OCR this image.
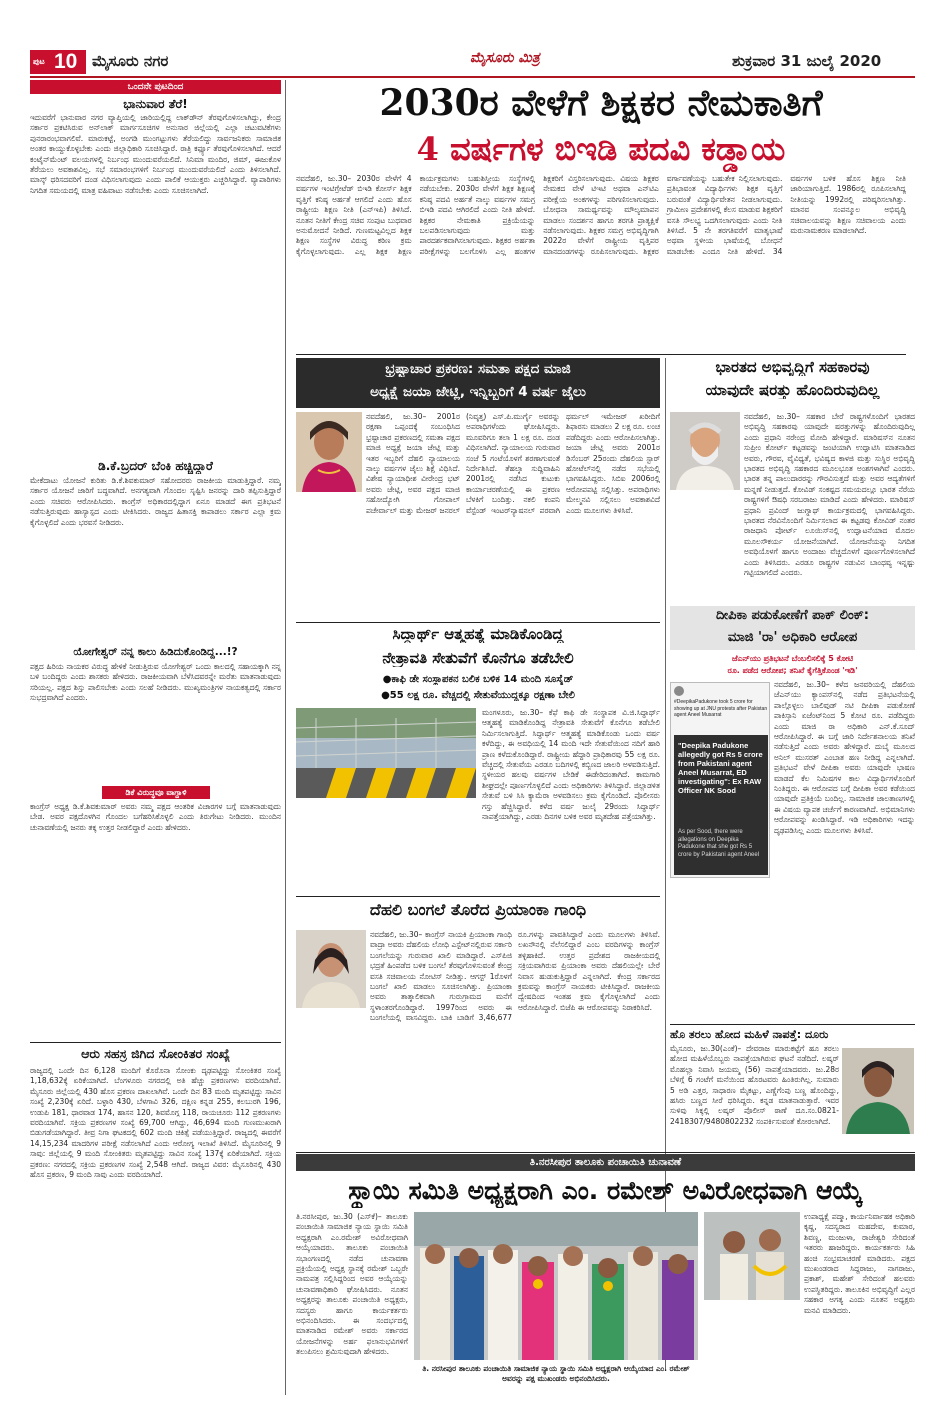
ಪುಟ 10 ಮೈಸೂರು ನಗರ	ಮೈಸೂರು ಮಿತ್ರ	ಶುಕ್ರವಾರ 31 ಜುಲೈ 2020
ಒಂದನೇ ಪುಟದಿಂದ
ಭಾನುವಾರ ತೆರೆ!
ಇದುವರೆಗೆ ಭಾನುವಾರ ನಗರ ವ್ಯಾಪ್ತಿಯಲ್ಲಿ ಜಾರಿಯಲ್ಲಿದ್ದ ಲಾಕ್‌ಡೌನ್ ತೆರವುಗೊಳಿಸಲಾಗಿದ್ದು, ಕೇಂದ್ರ ಸರ್ಕಾರ ಪ್ರಕಟಿಸಿರುವ ಅನ್‌ಲಾಕ್ ಮಾರ್ಗಸೂಚಿಗಳ ಅನುಸಾರ ಜಿಲ್ಲೆಯಲ್ಲಿ ಎಲ್ಲಾ ಚಟುವಟಿಕೆಗಳು ಪುನರಾರಂಭವಾಗಲಿವೆ. ಮಾರುಕಟ್ಟೆ, ಅಂಗಡಿ ಮುಂಗಟ್ಟುಗಳು ತೆರೆಯಲಿದ್ದು ಸಾರ್ವಜನಿಕರು ಸಾಮಾಜಿಕ ಅಂತರ ಕಾಯ್ದುಕೊಳ್ಳಬೇಕು ಎಂದು ಜಿಲ್ಲಾಧಿಕಾರಿ ಸೂಚಿಸಿದ್ದಾರೆ. ರಾತ್ರಿ ಕರ್ಫ್ಯೂ ತೆರವುಗೊಳಿಸಲಾಗಿದೆ. ಆದರೆ ಕಂಟೈನ್‌ಮೆಂಟ್ ವಲಯಗಳಲ್ಲಿ ನಿರ್ಬಂಧ ಮುಂದುವರೆಯಲಿದೆ. ಸಿನಿಮಾ ಮಂದಿರ, ಜಿಮ್, ಈಜುಕೊಳ ತೆರೆಯಲು ಅವಕಾಶವಿಲ್ಲ. ಸಭೆ ಸಮಾರಂಭಗಳಿಗೆ ನಿರ್ಬಂಧ ಮುಂದುವರೆಯಲಿದೆ ಎಂದು ತಿಳಿಸಲಾಗಿದೆ. ಮಾಸ್ಕ್ ಧರಿಸದವರಿಗೆ ದಂಡ ವಿಧಿಸಲಾಗುವುದು ಎಂದು ಪಾಲಿಕೆ ಆಯುಕ್ತರು ಎಚ್ಚರಿಸಿದ್ದಾರೆ. ವ್ಯಾಪಾರಿಗಳು ನಿಗದಿತ ಸಮಯದಲ್ಲಿ ಮಾತ್ರ ವಹಿವಾಟು ನಡೆಸಬೇಕು ಎಂದು ಸೂಚಿಸಲಾಗಿದೆ.
ಡಿ.ಕೆ.ಬ್ರದರ್ ಬೆಂಕಿ ಹಚ್ಚಿದ್ದಾರೆ
ಮೇಕೆದಾಟು ಯೋಜನೆ ಕುರಿತು ಡಿ.ಕೆ.ಶಿವಕುಮಾರ್ ಸಹೋದರರು ರಾಜಕೀಯ ಮಾಡುತ್ತಿದ್ದಾರೆ. ನಮ್ಮ ಸರ್ಕಾರ ಯೋಜನೆ ಜಾರಿಗೆ ಬದ್ಧವಾಗಿದೆ. ಅನಗತ್ಯವಾಗಿ ಗೊಂದಲ ಸೃಷ್ಟಿಸಿ ಜನರನ್ನು ದಾರಿ ತಪ್ಪಿಸುತ್ತಿದ್ದಾರೆ ಎಂದು ಸಚಿವರು ಆರೋಪಿಸಿದರು. ಕಾಂಗ್ರೆಸ್ ಅಧಿಕಾರದಲ್ಲಿದ್ದಾಗ ಏನೂ ಮಾಡದೆ ಈಗ ಪ್ರತಿಭಟನೆ ನಡೆಸುತ್ತಿರುವುದು ಹಾಸ್ಯಾಸ್ಪದ ಎಂದು ಟೀಕಿಸಿದರು. ರಾಜ್ಯದ ಹಿತಾಸಕ್ತಿ ಕಾಪಾಡಲು ಸರ್ಕಾರ ಎಲ್ಲಾ ಕ್ರಮ ಕೈಗೊಳ್ಳಲಿದೆ ಎಂದು ಭರವಸೆ ನೀಡಿದರು.
ಯೋಗೇಶ್ವರ್ ನನ್ನ ಕಾಲು ಹಿಡಿದುಕೊಂಡಿದ್ದ...!?
ಪಕ್ಷದ ಹಿರಿಯ ನಾಯಕರ ವಿರುದ್ಧ ಹೇಳಿಕೆ ನೀಡುತ್ತಿರುವ ಯೋಗೇಶ್ವರ್ ಒಂದು ಕಾಲದಲ್ಲಿ ಸಹಾಯಕ್ಕಾಗಿ ನನ್ನ ಬಳಿ ಬಂದಿದ್ದರು ಎಂದು ಶಾಸಕರು ಹೇಳಿದರು. ರಾಜಕೀಯವಾಗಿ ಬೆಳೆಸಿದವರನ್ನೇ ಮರೆತು ಮಾತನಾಡುವುದು ಸರಿಯಲ್ಲ. ಪಕ್ಷದ ಶಿಸ್ತು ಪಾಲಿಸಬೇಕು ಎಂದು ಸಲಹೆ ನೀಡಿದರು. ಮುಖ್ಯಮಂತ್ರಿಗಳ ನಾಯಕತ್ವದಲ್ಲಿ ಸರ್ಕಾರ ಸುಭದ್ರವಾಗಿದೆ ಎಂದರು.
ಡಿಕೆ ವಿರುದ್ಧವೂ ವಾಗ್ದಾಳಿ
ಕಾಂಗ್ರೆಸ್ ಅಧ್ಯಕ್ಷ ಡಿ.ಕೆ.ಶಿವಕುಮಾರ್ ಅವರು ನಮ್ಮ ಪಕ್ಷದ ಆಂತರಿಕ ವಿಚಾರಗಳ ಬಗ್ಗೆ ಮಾತನಾಡುವುದು ಬೇಡ. ಅವರ ಪಕ್ಷದೊಳಗಿನ ಗೊಂದಲ ಬಗೆಹರಿಸಿಕೊಳ್ಳಲಿ ಎಂದು ತಿರುಗೇಟು ನೀಡಿದರು. ಮುಂದಿನ ಚುನಾವಣೆಯಲ್ಲಿ ಜನರು ತಕ್ಕ ಉತ್ತರ ನೀಡಲಿದ್ದಾರೆ ಎಂದು ಹೇಳಿದರು.
ಆರು ಸಹಸ್ರ ಜಿಗಿದ ಸೋಂಕಿತರ ಸಂಖ್ಯೆ
ರಾಜ್ಯದಲ್ಲಿ ಒಂದೇ ದಿನ 6,128 ಮಂದಿಗೆ ಕೊರೊನಾ ಸೋಂಕು ದೃಢಪಟ್ಟಿದ್ದು ಸೋಂಕಿತರ ಸಂಖ್ಯೆ 1,18,632ಕ್ಕೆ ಏರಿಕೆಯಾಗಿದೆ. ಬೆಂಗಳೂರು ನಗರದಲ್ಲಿ ಅತಿ ಹೆಚ್ಚು ಪ್ರಕರಣಗಳು ವರದಿಯಾಗಿವೆ. ಮೈಸೂರು ಜಿಲ್ಲೆಯಲ್ಲಿ 430 ಹೊಸ ಪ್ರಕರಣ ದಾಖಲಾಗಿವೆ. ಒಂದೇ ದಿನ 83 ಮಂದಿ ಮೃತಪಟ್ಟಿದ್ದು ಸಾವಿನ ಸಂಖ್ಯೆ 2,230ಕ್ಕೆ ಏರಿದೆ. ಬಳ್ಳಾರಿ 430, ಬೆಳಗಾವಿ 326, ದಕ್ಷಿಣ ಕನ್ನಡ 255, ಕಲಬುರಗಿ 196, ಉಡುಪಿ 181, ಧಾರವಾಡ 174, ಹಾಸನ 120, ಶಿವಮೊಗ್ಗ 118, ರಾಯಚೂರು 112 ಪ್ರಕರಣಗಳು ವರದಿಯಾಗಿವೆ. ಸಕ್ರಿಯ ಪ್ರಕರಣಗಳ ಸಂಖ್ಯೆ 69,700 ಆಗಿದ್ದು, 46,694 ಮಂದಿ ಗುಣಮುಖರಾಗಿ ಬಿಡುಗಡೆಯಾಗಿದ್ದಾರೆ. ತೀವ್ರ ನಿಗಾ ಘಟಕದಲ್ಲಿ 602 ಮಂದಿ ಚಿಕಿತ್ಸೆ ಪಡೆಯುತ್ತಿದ್ದಾರೆ. ರಾಜ್ಯದಲ್ಲಿ ಈವರೆಗೆ 14,15,234 ಮಾದರಿಗಳ ಪರೀಕ್ಷೆ ನಡೆಸಲಾಗಿದೆ ಎಂದು ಆರೋಗ್ಯ ಇಲಾಖೆ ತಿಳಿಸಿದೆ. ಮೈಸೂರಿನಲ್ಲಿ 9 ಸಾವು: ಜಿಲ್ಲೆಯಲ್ಲಿ 9 ಮಂದಿ ಸೋಂಕಿತರು ಮೃತಪಟ್ಟಿದ್ದು ಸಾವಿನ ಸಂಖ್ಯೆ 137ಕ್ಕೆ ಏರಿಕೆಯಾಗಿದೆ. ಸಕ್ರಿಯ ಪ್ರಕರಣ: ನಗರದಲ್ಲಿ ಸಕ್ರಿಯ ಪ್ರಕರಣಗಳ ಸಂಖ್ಯೆ 2,548 ಆಗಿದೆ. ರಾಜ್ಯದ ವಿವರ: ಮೈಸೂರಿನಲ್ಲಿ 430 ಹೊಸ ಪ್ರಕರಣ, 9 ಮಂದಿ ಸಾವು ಎಂದು ವರದಿಯಾಗಿದೆ.
2030ರ ವೇಳೆಗೆ ಶಿಕ್ಷಕರ ನೇಮಕಾತಿಗೆ
4 ವರ್ಷಗಳ ಬಿಇಡಿ ಪದವಿ ಕಡ್ಡಾಯ
ನವದೆಹಲಿ, ಜು.30– 2030ರ ವೇಳೆಗೆ 4 ವರ್ಷಗಳ ಇಂಟಿಗ್ರೇಟೆಡ್ ಬಿಇಡಿ ಕೋರ್ಸ್ ಶಿಕ್ಷಕ ವೃತ್ತಿಗೆ ಕನಿಷ್ಠ ಅರ್ಹತೆ ಆಗಲಿದೆ ಎಂದು ಹೊಸ ರಾಷ್ಟ್ರೀಯ ಶಿಕ್ಷಣ ನೀತಿ (ಎನ್‌ಇಪಿ) ತಿಳಿಸಿದೆ. ನೂತನ ನೀತಿಗೆ ಕೇಂದ್ರ ಸಚಿವ ಸಂಪುಟ ಬುಧವಾರ ಅನುಮೋದನೆ ನೀಡಿದೆ. ಗುಣಮಟ್ಟವಿಲ್ಲದ ಶಿಕ್ಷಕ ಶಿಕ್ಷಣ ಸಂಸ್ಥೆಗಳ ವಿರುದ್ಧ ಕಠಿಣ ಕ್ರಮ ಕೈಗೊಳ್ಳಲಾಗುವುದು. ಎಲ್ಲ ಶಿಕ್ಷಕ ಶಿಕ್ಷಣ ಕಾರ್ಯಕ್ರಮಗಳು ಬಹುಶಿಸ್ತೀಯ ಸಂಸ್ಥೆಗಳಲ್ಲಿ ನಡೆಯಬೇಕು. 2030ರ ವೇಳೆಗೆ ಶಿಕ್ಷಕ ಶಿಕ್ಷಣಕ್ಕೆ ಕನಿಷ್ಠ ಪದವಿ ಅರ್ಹತೆ ನಾಲ್ಕು ವರ್ಷಗಳ ಸಮಗ್ರ ಬಿಇಡಿ ಪದವಿ ಆಗಿರಲಿದೆ ಎಂದು ನೀತಿ ಹೇಳಿದೆ. ಶಿಕ್ಷಕರ ನೇಮಕಾತಿ ಪ್ರಕ್ರಿಯೆಯನ್ನು ಬಲಪಡಿಸಲಾಗುವುದು ಮತ್ತು ಪಾರದರ್ಶಕವಾಗಿಸಲಾಗುವುದು. ಶಿಕ್ಷಕರ ಅರ್ಹತಾ ಪರೀಕ್ಷೆಗಳನ್ನು ಬಲಗೊಳಿಸಿ ಎಲ್ಲ ಹಂತಗಳ ಶಿಕ್ಷಕರಿಗೆ ವಿಸ್ತರಿಸಲಾಗುವುದು. ವಿಷಯ ಶಿಕ್ಷಕರ ನೇಮಕದ ವೇಳೆ ಟಿಇಟಿ ಅಥವಾ ಎನ್‌ಟಿಎ ಪರೀಕ್ಷೆಯ ಅಂಕಗಳನ್ನು ಪರಿಗಣಿಸಲಾಗುವುದು. ಬೋಧನಾ ಸಾಮರ್ಥ್ಯವನ್ನು ಮೌಲ್ಯಮಾಪನ ಮಾಡಲು ಸಂದರ್ಶನ ಹಾಗೂ ತರಗತಿ ಪ್ರಾತ್ಯಕ್ಷಿಕೆ ನಡೆಸಲಾಗುವುದು. ಶಿಕ್ಷಕರ ಸಮಗ್ರ ಅಭಿವೃದ್ಧಿಗಾಗಿ 2022ರ ವೇಳೆಗೆ ರಾಷ್ಟ್ರೀಯ ವೃತ್ತಿಪರ ಮಾನದಂಡಗಳನ್ನು ರೂಪಿಸಲಾಗುವುದು. ಶಿಕ್ಷಕರ ವರ್ಗಾವಣೆಯನ್ನು ಬಹುತೇಕ ನಿಲ್ಲಿಸಲಾಗುವುದು. ಪ್ರತಿಭಾವಂತ ವಿದ್ಯಾರ್ಥಿಗಳು ಶಿಕ್ಷಕ ವೃತ್ತಿಗೆ ಬರುವಂತೆ ವಿದ್ಯಾರ್ಥಿವೇತನ ನೀಡಲಾಗುವುದು. ಗ್ರಾಮೀಣ ಪ್ರದೇಶಗಳಲ್ಲಿ ಕೆಲಸ ಮಾಡುವ ಶಿಕ್ಷಕರಿಗೆ ವಸತಿ ಸೌಲಭ್ಯ ಒದಗಿಸಲಾಗುವುದು ಎಂದು ನೀತಿ ತಿಳಿಸಿದೆ. 5 ನೇ ತರಗತಿವರೆಗೆ ಮಾತೃಭಾಷೆ ಅಥವಾ ಸ್ಥಳೀಯ ಭಾಷೆಯಲ್ಲಿ ಬೋಧನೆ ಮಾಡಬೇಕು ಎಂದೂ ನೀತಿ ಹೇಳಿದೆ. 34 ವರ್ಷಗಳ ಬಳಿಕ ಹೊಸ ಶಿಕ್ಷಣ ನೀತಿ ಜಾರಿಯಾಗುತ್ತಿದೆ. 1986ರಲ್ಲಿ ರೂಪಿಸಲಾಗಿದ್ದ ನೀತಿಯನ್ನು 1992ರಲ್ಲಿ ಪರಿಷ್ಕರಿಸಲಾಗಿತ್ತು. ಮಾನವ ಸಂಪನ್ಮೂಲ ಅಭಿವೃದ್ಧಿ ಸಚಿವಾಲಯವನ್ನು ಶಿಕ್ಷಣ ಸಚಿವಾಲಯ ಎಂದು ಮರುನಾಮಕರಣ ಮಾಡಲಾಗಿದೆ.
ಭ್ರಷ್ಟಾಚಾರ ಪ್ರಕರಣ: ಸಮತಾ ಪಕ್ಷದ ಮಾಜಿ
ಅಧ್ಯಕ್ಷೆ ಜಯಾ ಜೇಟ್ಲಿ, ಇನ್ನಿಬ್ಬರಿಗೆ 4 ವರ್ಷ ಜೈಲು
ನವದೆಹಲಿ, ಜು.30– 2001ರ ರಕ್ಷಣಾ ಒಪ್ಪಂದಕ್ಕೆ ಸಂಬಂಧಿಸಿದ ಭ್ರಷ್ಟಾಚಾರ ಪ್ರಕರಣದಲ್ಲಿ ಸಮತಾ ಪಕ್ಷದ ಮಾಜಿ ಅಧ್ಯಕ್ಷೆ ಜಯಾ ಜೇಟ್ಲಿ ಮತ್ತು ಇತರ ಇಬ್ಬರಿಗೆ ದೆಹಲಿ ನ್ಯಾಯಾಲಯ ನಾಲ್ಕು ವರ್ಷಗಳ ಜೈಲು ಶಿಕ್ಷೆ ವಿಧಿಸಿದೆ. ವಿಶೇಷ ನ್ಯಾಯಾಧೀಶ ವೀರೇಂದ್ರ ಭಟ್ ಅವರು ಜೇಟ್ಲಿ, ಅವರ ಪಕ್ಷದ ಮಾಜಿ ಸಹೋದ್ಯೋಗಿ ಗೋಪಾಲ್ ಪಚೇರ್ವಾಲ್ ಮತ್ತು ಮೇಜರ್ ಜನರಲ್ (ನಿವೃತ್ತ) ಎಸ್.ಪಿ.ಮುರ್ಗೈ ಅವರನ್ನು ಅಪರಾಧಿಗಳೆಂದು ಘೋಷಿಸಿದ್ದರು. ಮೂವರಿಗೂ ತಲಾ 1 ಲಕ್ಷ ರೂ. ದಂಡ ವಿಧಿಸಲಾಗಿದೆ. ನ್ಯಾಯಾಲಯ ಗುರುವಾರ ಸಂಜೆ 5 ಗಂಟೆಯೊಳಗೆ ಶರಣಾಗುವಂತೆ ನಿರ್ದೇಶಿಸಿದೆ. ತೆಹಲ್ಕಾ ಸುದ್ದಿವಾಹಿನಿ 2001ರಲ್ಲಿ ನಡೆಸಿದ ಕುಟುಕು ಕಾರ್ಯಾಚರಣೆಯಲ್ಲಿ ಈ ಪ್ರಕರಣ ಬೆಳಕಿಗೆ ಬಂದಿತ್ತು. ನಕಲಿ ಕಂಪನಿ ವೆಸ್ಟೆಂಡ್ ಇಂಟರ್‌ನ್ಯಾಷನಲ್ ಪರವಾಗಿ ಥರ್ಮಲ್ ಇಮೇಜರ್ ಖರೀದಿಗೆ ಶಿಫಾರಸು ಮಾಡಲು 2 ಲಕ್ಷ ರೂ. ಲಂಚ ಪಡೆದಿದ್ದರು ಎಂದು ಆರೋಪಿಸಲಾಗಿತ್ತು. ಜಯಾ ಜೇಟ್ಲಿ ಅವರು 2001ರ ಡಿಸೆಂಬರ್ 25ರಂದು ದೆಹಲಿಯ ಸ್ಟಾರ್ ಹೋಟೆಲ್‌ನಲ್ಲಿ ನಡೆದ ಸಭೆಯಲ್ಲಿ ಭಾಗವಹಿಸಿದ್ದರು. ಸಿಬಿಐ 2006ರಲ್ಲಿ ಆರೋಪಪಟ್ಟಿ ಸಲ್ಲಿಸಿತ್ತು. ಅಪರಾಧಿಗಳು ಮೇಲ್ಮನವಿ ಸಲ್ಲಿಸಲು ಅವಕಾಶವಿದೆ ಎಂದು ಮೂಲಗಳು ತಿಳಿಸಿವೆ.
ಭಾರತದ ಅಭಿವೃದ್ಧಿಗೆ ಸಹಕಾರವು
ಯಾವುದೇ ಷರತ್ತು ಹೊಂದಿರುವುದಿಲ್ಲ
ನವದೆಹಲಿ, ಜು.30– ಸಹಕಾರ ಬೇರೆ ರಾಷ್ಟ್ರಗಳೊಂದಿಗೆ ಭಾರತದ ಅಭಿವೃದ್ಧಿ ಸಹಕಾರವು ಯಾವುದೇ ಷರತ್ತುಗಳನ್ನು ಹೊಂದಿರುವುದಿಲ್ಲ ಎಂದು ಪ್ರಧಾನಿ ನರೇಂದ್ರ ಮೋದಿ ಹೇಳಿದ್ದಾರೆ. ಮಾರಿಷಸ್‌ನ ನೂತನ ಸುಪ್ರೀಂ ಕೋರ್ಟ್ ಕಟ್ಟಡವನ್ನು ಜಂಟಿಯಾಗಿ ಉದ್ಘಾಟಿಸಿ ಮಾತನಾಡಿದ ಅವರು, ಗೌರವ, ವೈವಿಧ್ಯತೆ, ಭವಿಷ್ಯದ ಕಾಳಜಿ ಮತ್ತು ಸುಸ್ಥಿರ ಅಭಿವೃದ್ಧಿ ಭಾರತದ ಅಭಿವೃದ್ಧಿ ಸಹಕಾರದ ಮೂಲಭೂತ ಅಂಶಗಳಾಗಿವೆ ಎಂದರು. ಭಾರತ ತನ್ನ ಪಾಲುದಾರರನ್ನು ಗೌರವಿಸುತ್ತದೆ ಮತ್ತು ಅವರ ಆದ್ಯತೆಗಳಿಗೆ ಮನ್ನಣೆ ನೀಡುತ್ತದೆ. ಕೋವಿಡ್ ಸಂಕಷ್ಟದ ಸಮಯದಲ್ಲೂ ಭಾರತ ನೆರೆಯ ರಾಷ್ಟ್ರಗಳಿಗೆ ಔಷಧಿ ಸರಬರಾಜು ಮಾಡಿದೆ ಎಂದು ಹೇಳಿದರು. ಮಾರಿಷಸ್ ಪ್ರಧಾನಿ ಪ್ರವಿಂದ್ ಜುಗ್ನಾಥ್ ಕಾರ್ಯಕ್ರಮದಲ್ಲಿ ಭಾಗವಹಿಸಿದ್ದರು. ಭಾರತದ ನೆರವಿನೊಂದಿಗೆ ನಿರ್ಮಿಸಲಾದ ಈ ಕಟ್ಟಡವು ಕೋವಿಡ್ ನಂತರ ರಾಜಧಾನಿ ಪೋರ್ಟ್ ಲೂಯಿಸ್‌ನಲ್ಲಿ ಉದ್ಘಾಟನೆಯಾದ ಮೊದಲ ಮೂಲಸೌಕರ್ಯ ಯೋಜನೆಯಾಗಿದೆ. ಯೋಜನೆಯನ್ನು ನಿಗದಿತ ಅವಧಿಯೊಳಗೆ ಹಾಗೂ ಅಂದಾಜು ವೆಚ್ಚದೊಳಗೆ ಪೂರ್ಣಗೊಳಿಸಲಾಗಿದೆ ಎಂದು ತಿಳಿಸಿದರು. ಎರಡೂ ರಾಷ್ಟ್ರಗಳ ನಡುವಿನ ಬಾಂಧವ್ಯ ಇನ್ನಷ್ಟು ಗಟ್ಟಿಯಾಗಲಿದೆ ಎಂದರು.
ದೀಪಿಕಾ ಪಡುಕೋಣೆಗೆ ಪಾಕ್ ಲಿಂಕ್:
ಮಾಜಿ 'ರಾ' ಅಧಿಕಾರಿ ಆರೋಪ
ಜೆಎನ್‌ಯು ಪ್ರತಿಭಟನೆ ಬೆಂಬಲಿಸಲಿಕ್ಕೆ 5 ಕೋಟಿ
ರೂ. ಪಡೆದ ಆರೋಪ; ತನಿಖೆ ಕೈಗೆತ್ತಿಕೊಂಡ 'ಇಡಿ'
ನವದೆಹಲಿ, ಜು.30– ಕಳೆದ ಜನವರಿಯಲ್ಲಿ ದೆಹಲಿಯ ಜೆಎನ್‌ಯು ಕ್ಯಾಂಪಸ್‌ನಲ್ಲಿ ನಡೆದ ಪ್ರತಿಭಟನೆಯಲ್ಲಿ ಪಾಲ್ಗೊಳ್ಳಲು ಬಾಲಿವುಡ್ ನಟಿ ದೀಪಿಕಾ ಪಡುಕೋಣೆ ಪಾಕಿಸ್ತಾನಿ ಏಜೆಂಟ್‌ನಿಂದ 5 ಕೋಟಿ ರೂ. ಪಡೆದಿದ್ದರು ಎಂದು ಮಾಜಿ ರಾ ಅಧಿಕಾರಿ ಎನ್.ಕೆ.ಸೂದ್ ಆರೋಪಿಸಿದ್ದಾರೆ. ಈ ಬಗ್ಗೆ ಜಾರಿ ನಿರ್ದೇಶನಾಲಯ ತನಿಖೆ ನಡೆಸುತ್ತಿದೆ ಎಂದು ಅವರು ಹೇಳಿದ್ದಾರೆ. ದುಬೈ ಮೂಲದ ಅನಿಲ್ ಮುಸರತ್ ಎಂಬಾತ ಹಣ ನೀಡಿದ್ದ ಎನ್ನಲಾಗಿದೆ. ಪ್ರತಿಭಟನೆ ವೇಳೆ ದೀಪಿಕಾ ಅವರು ಯಾವುದೇ ಭಾಷಣ ಮಾಡದೆ ಕೆಲ ನಿಮಿಷಗಳ ಕಾಲ ವಿದ್ಯಾರ್ಥಿಗಳೊಂದಿಗೆ ನಿಂತಿದ್ದರು. ಈ ಆರೋಪದ ಬಗ್ಗೆ ದೀಪಿಕಾ ಅವರ ಕಡೆಯಿಂದ ಯಾವುದೇ ಪ್ರತಿಕ್ರಿಯೆ ಬಂದಿಲ್ಲ. ಸಾಮಾಜಿಕ ಜಾಲತಾಣಗಳಲ್ಲಿ ಈ ವಿಷಯ ವ್ಯಾಪಕ ಚರ್ಚೆಗೆ ಕಾರಣವಾಗಿದೆ. ಅಭಿಮಾನಿಗಳು ಆರೋಪವನ್ನು ಖಂಡಿಸಿದ್ದಾರೆ. ಇಡಿ ಅಧಿಕಾರಿಗಳು ಇದನ್ನು ದೃಢಪಡಿಸಿಲ್ಲ ಎಂದು ಮೂಲಗಳು ತಿಳಿಸಿವೆ.
#DeepikaPadukone took 5 crore for showing up at JNU protests after Pakistan agent Aneel Musarrat
"Deepika Padukone allegedly got Rs 5 crore from Pakistani agent Aneel Musarrat, ED investigating": Ex RAW Officer NK Sood
As per Sood, there were allegations on Deepika Padukone that she got Rs 5 crore by Pakistani agent Aneel
ಹೊ ತರಲು ಹೋದ ಮಹಿಳೆ ನಾಪತ್ತೆ: ದೂರು
ಮೈಸೂರು, ಜು.30(ಎಂಕೆ)– ದೇವರಾಜ ಮಾರುಕಟ್ಟೆಗೆ ಹೂ ತರಲು ಹೋದ ಮಹಿಳೆಯೊಬ್ಬರು ನಾಪತ್ತೆಯಾಗಿರುವ ಘಟನೆ ನಡೆದಿದೆ. ಲಷ್ಕರ್ ಮೊಹಲ್ಲಾ ನಿವಾಸಿ ಜಯಮ್ಮ (56) ನಾಪತ್ತೆಯಾದವರು. ಜು.28ರ ಬೆಳಿಗ್ಗೆ 6 ಗಂಟೆಗೆ ಮನೆಯಿಂದ ಹೊರಟವರು ಹಿಂತಿರುಗಿಲ್ಲ. ಸುಮಾರು 5 ಅಡಿ ಎತ್ತರ, ಸಾಧಾರಣ ಮೈಕಟ್ಟು, ಎಣ್ಣೆಗೆಂಪು ಬಣ್ಣ ಹೊಂದಿದ್ದು, ಹಸಿರು ಬಣ್ಣದ ಸೀರೆ ಧರಿಸಿದ್ದರು. ಕನ್ನಡ ಮಾತನಾಡುತ್ತಾರೆ. ಇವರ ಸುಳಿವು ಸಿಕ್ಕಲ್ಲಿ ಲಷ್ಕರ್ ಪೊಲೀಸ್ ಠಾಣೆ ದೂ.ಸಂ.0821-2418307/9480802232 ಸಂಪರ್ಕಿಸುವಂತೆ ಕೋರಲಾಗಿದೆ.
ಸಿದ್ಧಾರ್ಥ್ ಆತ್ಮಹತ್ಯೆ ಮಾಡಿಕೊಂಡಿದ್ದ
ನೇತ್ರಾವತಿ ಸೇತುವೆಗೆ ಕೊನೆಗೂ ತಡೆಬೇಲಿ
●ಕಾಫಿ ಡೇ ಸಂಸ್ಥಾಪಕನ ಬಲಿಕ ಬಳಿಕ 14 ಮಂದಿ ಸೂಸೈಡ್
●55 ಲಕ್ಷ ರೂ. ವೆಚ್ಚದಲ್ಲಿ ಸೇತುವೆಯುದ್ದಕ್ಕೂ ರಕ್ಷಣಾ ಬೇಲಿ
ಮಂಗಳೂರು, ಜು.30– ಕೆಫೆ ಕಾಫಿ ಡೇ ಸಂಸ್ಥಾಪಕ ವಿ.ಜಿ.ಸಿದ್ಧಾರ್ಥ್ ಆತ್ಮಹತ್ಯೆ ಮಾಡಿಕೊಂಡಿದ್ದ ನೇತ್ರಾವತಿ ಸೇತುವೆಗೆ ಕೊನೆಗೂ ತಡೆಬೇಲಿ ನಿರ್ಮಿಸಲಾಗುತ್ತಿದೆ. ಸಿದ್ಧಾರ್ಥ್ ಆತ್ಮಹತ್ಯೆ ಮಾಡಿಕೊಂಡು ಒಂದು ವರ್ಷ ಕಳೆದಿದ್ದು, ಈ ಅವಧಿಯಲ್ಲಿ 14 ಮಂದಿ ಇದೇ ಸೇತುವೆಯಿಂದ ನದಿಗೆ ಹಾರಿ ಪ್ರಾಣ ಕಳೆದುಕೊಂಡಿದ್ದಾರೆ. ರಾಷ್ಟ್ರೀಯ ಹೆದ್ದಾರಿ ಪ್ರಾಧಿಕಾರವು 55 ಲಕ್ಷ ರೂ. ವೆಚ್ಚದಲ್ಲಿ ಸೇತುವೆಯ ಎರಡೂ ಬದಿಗಳಲ್ಲಿ ಕಬ್ಬಿಣದ ಜಾಲರಿ ಅಳವಡಿಸುತ್ತಿದೆ. ಸ್ಥಳೀಯರ ಹಲವು ವರ್ಷಗಳ ಬೇಡಿಕೆ ಈಡೇರಿದಂತಾಗಿದೆ. ಕಾಮಗಾರಿ ಶೀಘ್ರದಲ್ಲೇ ಪೂರ್ಣಗೊಳ್ಳಲಿದೆ ಎಂದು ಅಧಿಕಾರಿಗಳು ತಿಳಿಸಿದ್ದಾರೆ. ಜಿಲ್ಲಾಡಳಿತ ಸೇತುವೆ ಬಳಿ ಸಿಸಿ ಕ್ಯಾಮೆರಾ ಅಳವಡಿಸಲು ಕ್ರಮ ಕೈಗೊಂಡಿದೆ. ಪೊಲೀಸರು ಗಸ್ತು ಹೆಚ್ಚಿಸಿದ್ದಾರೆ. ಕಳೆದ ವರ್ಷ ಜುಲೈ 29ರಂದು ಸಿದ್ಧಾರ್ಥ್ ನಾಪತ್ತೆಯಾಗಿದ್ದು, ಎರಡು ದಿನಗಳ ಬಳಿಕ ಅವರ ಮೃತದೇಹ ಪತ್ತೆಯಾಗಿತ್ತು.
ದೆಹಲಿ ಬಂಗಲೆ ತೊರೆದ ಪ್ರಿಯಾಂಕಾ ಗಾಂಧಿ
ನವದೆಹಲಿ, ಜು.30– ಕಾಂಗ್ರೆಸ್ ನಾಯಕಿ ಪ್ರಿಯಾಂಕಾ ಗಾಂಧಿ ವಾದ್ರಾ ಅವರು ದೆಹಲಿಯ ಲೋಧಿ ಎಸ್ಟೇಟ್‌ನಲ್ಲಿರುವ ಸರ್ಕಾರಿ ಬಂಗಲೆಯನ್ನು ಗುರುವಾರ ಖಾಲಿ ಮಾಡಿದ್ದಾರೆ. ಎಸ್‌ಪಿಜಿ ಭದ್ರತೆ ಹಿಂಪಡೆದ ಬಳಿಕ ಬಂಗಲೆ ತೆರವುಗೊಳಿಸುವಂತೆ ಕೇಂದ್ರ ವಸತಿ ಸಚಿವಾಲಯ ನೋಟಿಸ್ ನೀಡಿತ್ತು. ಆಗಸ್ಟ್ 1ರೊಳಗೆ ಬಂಗಲೆ ಖಾಲಿ ಮಾಡಲು ಸೂಚಿಸಲಾಗಿತ್ತು. ಪ್ರಿಯಾಂಕಾ ಅವರು ತಾತ್ಕಾಲಿಕವಾಗಿ ಗುರುಗ್ರಾಮದ ಮನೆಗೆ ಸ್ಥಳಾಂತರಗೊಂಡಿದ್ದಾರೆ. 1997ರಿಂದ ಅವರು ಈ ಬಂಗಲೆಯಲ್ಲಿ ವಾಸವಿದ್ದರು. ಬಾಕಿ ಬಾಡಿಗೆ 3,46,677 ರೂ.ಗಳನ್ನು ಪಾವತಿಸಿದ್ದಾರೆ ಎಂದು ಮೂಲಗಳು ತಿಳಿಸಿವೆ. ಲಖನೌನಲ್ಲಿ ನೆಲೆಸಲಿದ್ದಾರೆ ಎಂಬ ವರದಿಗಳನ್ನು ಕಾಂಗ್ರೆಸ್ ತಳ್ಳಿಹಾಕಿದೆ. ಉತ್ತರ ಪ್ರದೇಶದ ರಾಜಕೀಯದಲ್ಲಿ ಸಕ್ರಿಯವಾಗಿರುವ ಪ್ರಿಯಾಂಕಾ ಅವರು ದೆಹಲಿಯಲ್ಲೇ ಬೇರೆ ನಿವಾಸ ಹುಡುಕುತ್ತಿದ್ದಾರೆ ಎನ್ನಲಾಗಿದೆ. ಕೇಂದ್ರ ಸರ್ಕಾರದ ಕ್ರಮವನ್ನು ಕಾಂಗ್ರೆಸ್ ನಾಯಕರು ಟೀಕಿಸಿದ್ದಾರೆ. ರಾಜಕೀಯ ದ್ವೇಷದಿಂದ ಇಂತಹ ಕ್ರಮ ಕೈಗೊಳ್ಳಲಾಗಿದೆ ಎಂದು ಆರೋಪಿಸಿದ್ದಾರೆ. ಬಿಜೆಪಿ ಈ ಆರೋಪವನ್ನು ನಿರಾಕರಿಸಿದೆ.
ತಿ.ನರಸೀಪುರ ತಾಲೂಕು ಪಂಚಾಯಿತಿ ಚುನಾವಣೆ
ಸ್ಥಾಯಿ ಸಮಿತಿ ಅಧ್ಯಕ್ಷರಾಗಿ ಎಂ. ರಮೇಶ್ ಅವಿರೋಧವಾಗಿ ಆಯ್ಕೆ
ತಿ.ನರಸೀಪುರ, ಜು.30 (ಎಸ್‌ಕೆ)– ತಾಲೂಕು ಪಂಚಾಯಿತಿ ಸಾಮಾಜಿಕ ನ್ಯಾಯ ಸ್ಥಾಯಿ ಸಮಿತಿ ಅಧ್ಯಕ್ಷರಾಗಿ ಎಂ.ರಮೇಶ್ ಅವಿರೋಧವಾಗಿ ಆಯ್ಕೆಯಾದರು. ತಾಲೂಕು ಪಂಚಾಯಿತಿ ಸಭಾಂಗಣದಲ್ಲಿ ನಡೆದ ಚುನಾವಣಾ ಪ್ರಕ್ರಿಯೆಯಲ್ಲಿ ಅಧ್ಯಕ್ಷ ಸ್ಥಾನಕ್ಕೆ ರಮೇಶ್ ಒಬ್ಬರೇ ನಾಮಪತ್ರ ಸಲ್ಲಿಸಿದ್ದರಿಂದ ಅವರ ಆಯ್ಕೆಯನ್ನು ಚುನಾವಣಾಧಿಕಾರಿ ಘೋಷಿಸಿದರು. ನೂತನ ಅಧ್ಯಕ್ಷರನ್ನು ತಾಲೂಕು ಪಂಚಾಯಿತಿ ಅಧ್ಯಕ್ಷರು, ಸದಸ್ಯರು ಹಾಗೂ ಕಾರ್ಯಕರ್ತರು ಅಭಿನಂದಿಸಿದರು. ಈ ಸಂದರ್ಭದಲ್ಲಿ ಮಾತನಾಡಿದ ರಮೇಶ್ ಅವರು ಸರ್ಕಾರದ ಯೋಜನೆಗಳನ್ನು ಅರ್ಹ ಫಲಾನುಭವಿಗಳಿಗೆ ತಲುಪಿಸಲು ಶ್ರಮಿಸುವುದಾಗಿ ಹೇಳಿದರು.
ತಿ. ನರಸೀಪುರ ತಾಲೂಕು ಪಂಚಾಯಿತಿ ಸಾಮಾಜಿಕ ನ್ಯಾಯ ಸ್ಥಾಯಿ ಸಮಿತಿ ಅಧ್ಯಕ್ಷರಾಗಿ ಆಯ್ಕೆಯಾದ ಎಂ. ರಮೇಶ್ ಅವರನ್ನು ಪಕ್ಷ ಮುಖಂಡರು ಅಭಿನಂದಿಸಿದರು.
ಉಪಾಧ್ಯಕ್ಷೆ ಪದ್ಮಾ, ಕಾರ್ಯನಿರ್ವಾಹಕ ಅಧಿಕಾರಿ ಕೃಷ್ಣ, ಸದಸ್ಯರಾದ ಮಹದೇವ, ಕುಮಾರ, ಶಿವಣ್ಣ, ಮಂಜುಳಾ, ರಾಜೇಶ್ವರಿ ಸೇರಿದಂತೆ ಇತರರು ಹಾಜರಿದ್ದರು. ಕಾರ್ಯಕರ್ತರು ಸಿಹಿ ಹಂಚಿ ಸಂಭ್ರಮಾಚರಣೆ ಮಾಡಿದರು. ಪಕ್ಷದ ಮುಖಂಡರಾದ ಸಿದ್ದರಾಜು, ನಾಗರಾಜು, ಪ್ರಕಾಶ್, ಮಹೇಶ್ ಸೇರಿದಂತೆ ಹಲವರು ಉಪಸ್ಥಿತರಿದ್ದರು. ತಾಲೂಕಿನ ಅಭಿವೃದ್ಧಿಗೆ ಎಲ್ಲರ ಸಹಕಾರ ಅಗತ್ಯ ಎಂದು ನೂತನ ಅಧ್ಯಕ್ಷರು ಮನವಿ ಮಾಡಿದರು.
